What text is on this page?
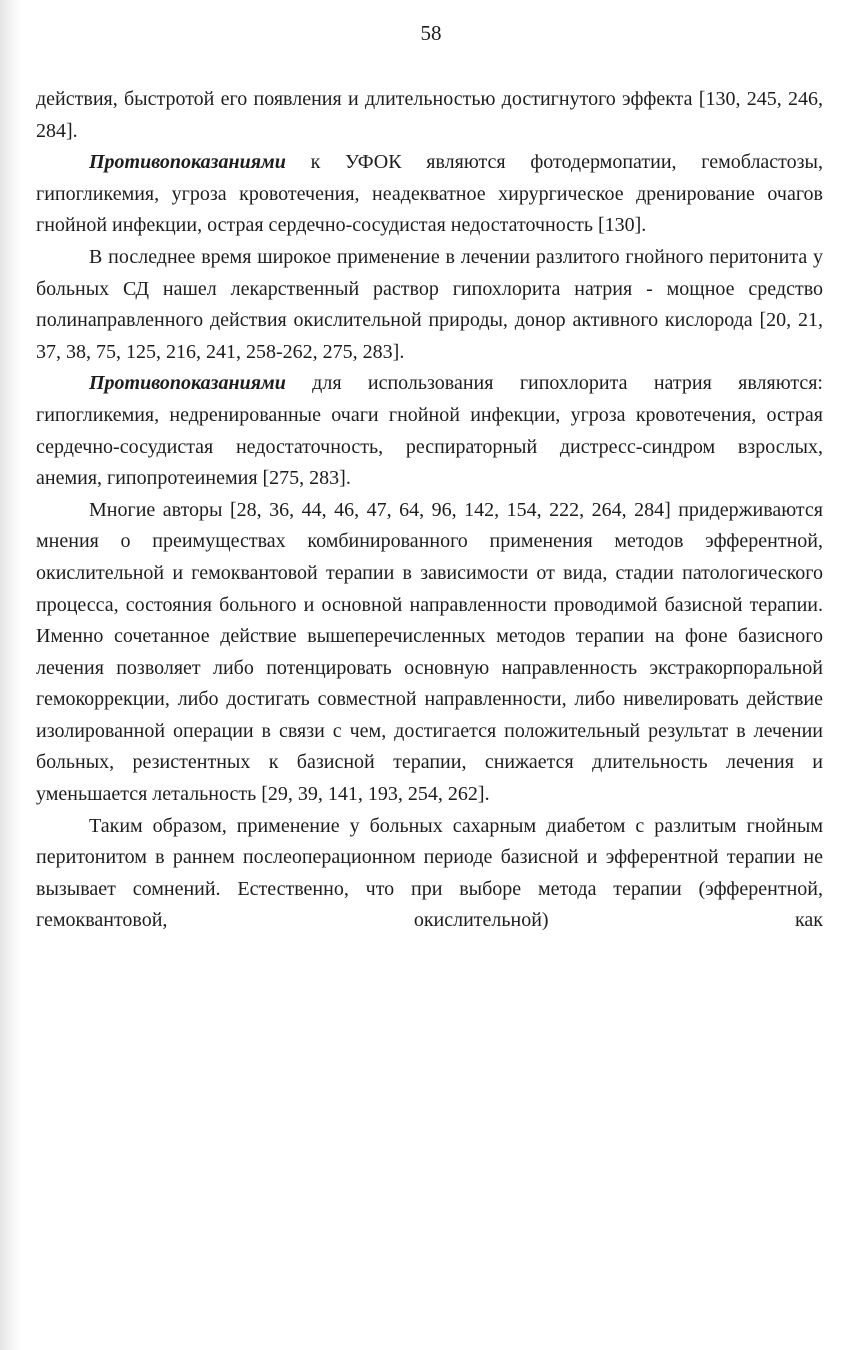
58

действия, быстротой его появления и длительностью достигнутого эффекта [130, 245, 246, 284].

Противопоказаниями к УФОК являются фотодермопатии, гемобластозы, гипогликемия, угроза кровотечения, неадекватное хирургическое дренирование очагов гнойной инфекции, острая сердечно-сосудистая недостаточность [130].

В последнее время широкое применение в лечении разлитого гнойного перитонита у больных СД нашел лекарственный раствор гипохлорита натрия - мощное средство полинаправленного действия окислительной природы, донор активного кислорода [20, 21, 37, 38, 75, 125, 216, 241, 258-262, 275, 283].

Противопоказаниями для использования гипохлорита натрия являются: гипогликемия, недренированные очаги гнойной инфекции, угроза кровотечения, острая сердечно-сосудистая недостаточность, респираторный дистресс-синдром взрослых, анемия, гипопротеинемия [275, 283].

Многие авторы [28, 36, 44, 46, 47, 64, 96, 142, 154, 222, 264, 284] придерживаются мнения о преимуществах комбинированного применения методов эфферентной, окислительной и гемоквантовой терапии в зависимости от вида, стадии патологического процесса, состояния больного и основной направленности проводимой базисной терапии. Именно сочетанное действие вышеперечисленных методов терапии на фоне базисного лечения позволяет либо потенцировать основную направленность экстракорпоральной гемокоррекции, либо достигать совместной направленности, либо нивелировать действие изолированной операции в связи с чем, достигается положительный результат в лечении больных, резистентных к базисной терапии, снижается длительность лечения и уменьшается летальность [29, 39, 141, 193, 254, 262].

Таким образом, применение у больных сахарным диабетом с разлитым гнойным перитонитом в раннем послеоперационном периоде базисной и эфферентной терапии не вызывает сомнений. Естественно, что при выборе метода терапии (эфферентной, гемоквантовой, окислительной) как
